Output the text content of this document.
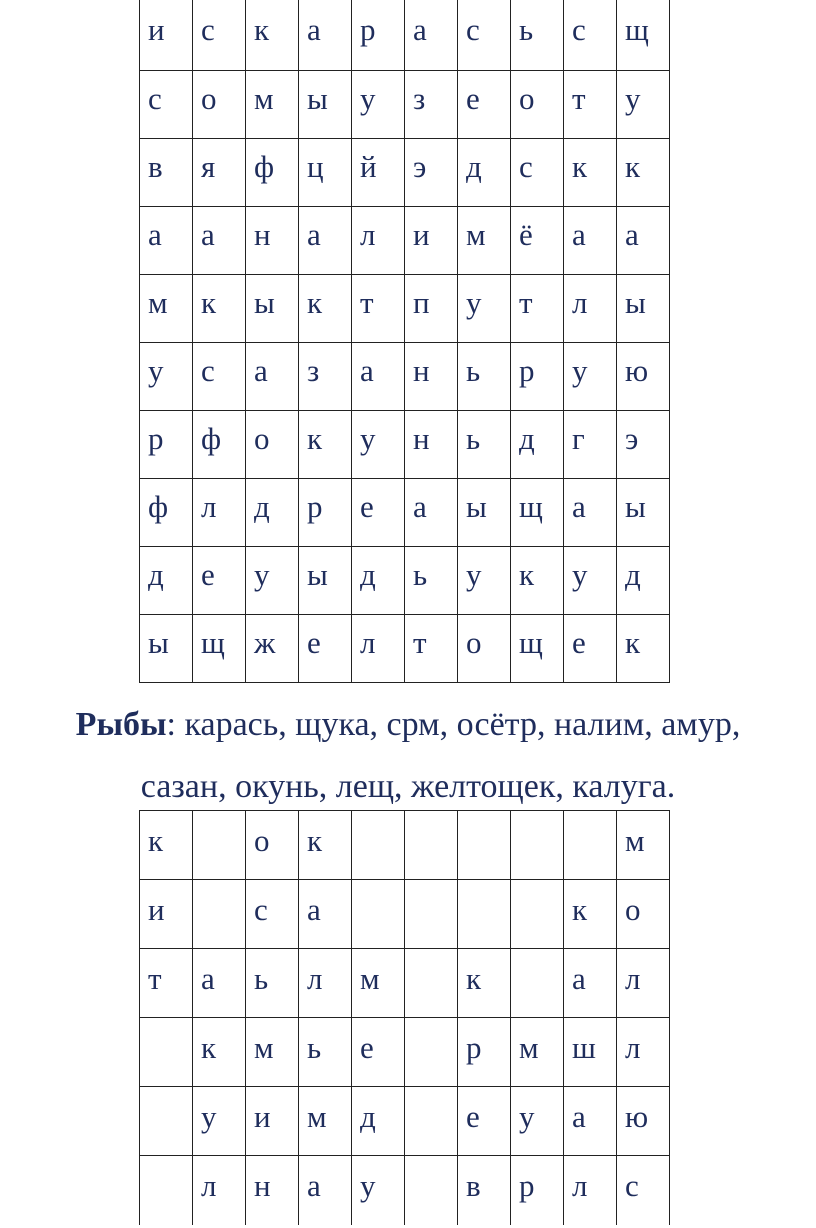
и	с	к	а	р	а	с	ь	с	щ
с	о	м	ы	у	з	е	о	т	у
в	я	ф	ц	й	э	д	с	к	к
а	а	н	а	л	и	м	ё	а	а
м	к	ы	к	т	п	у	т	л	ы
у	с	а	з	а	н	ь	р	у	ю
р	ф	о	к	у	н	ь	д	г	э
ф	л	д	р	е	а	ы	щ	а	ы
д	е	у	ы	д	ь	у	к	у	д
ы	щ	ж	е	л	т	о	щ	е	к
Рыбы: карась, щука, срм, осётр, налим, амур,
сазан, окунь, лещ, желтощек, калуга.
к		о	к						м
и		с	а					к	о
т	а	ь	л	м		к		а	л
	к	м	ь	е		р	м	ш	л
	у	и	м	д		е	у	а	ю
	л	н	а	у		в	р	л	с
